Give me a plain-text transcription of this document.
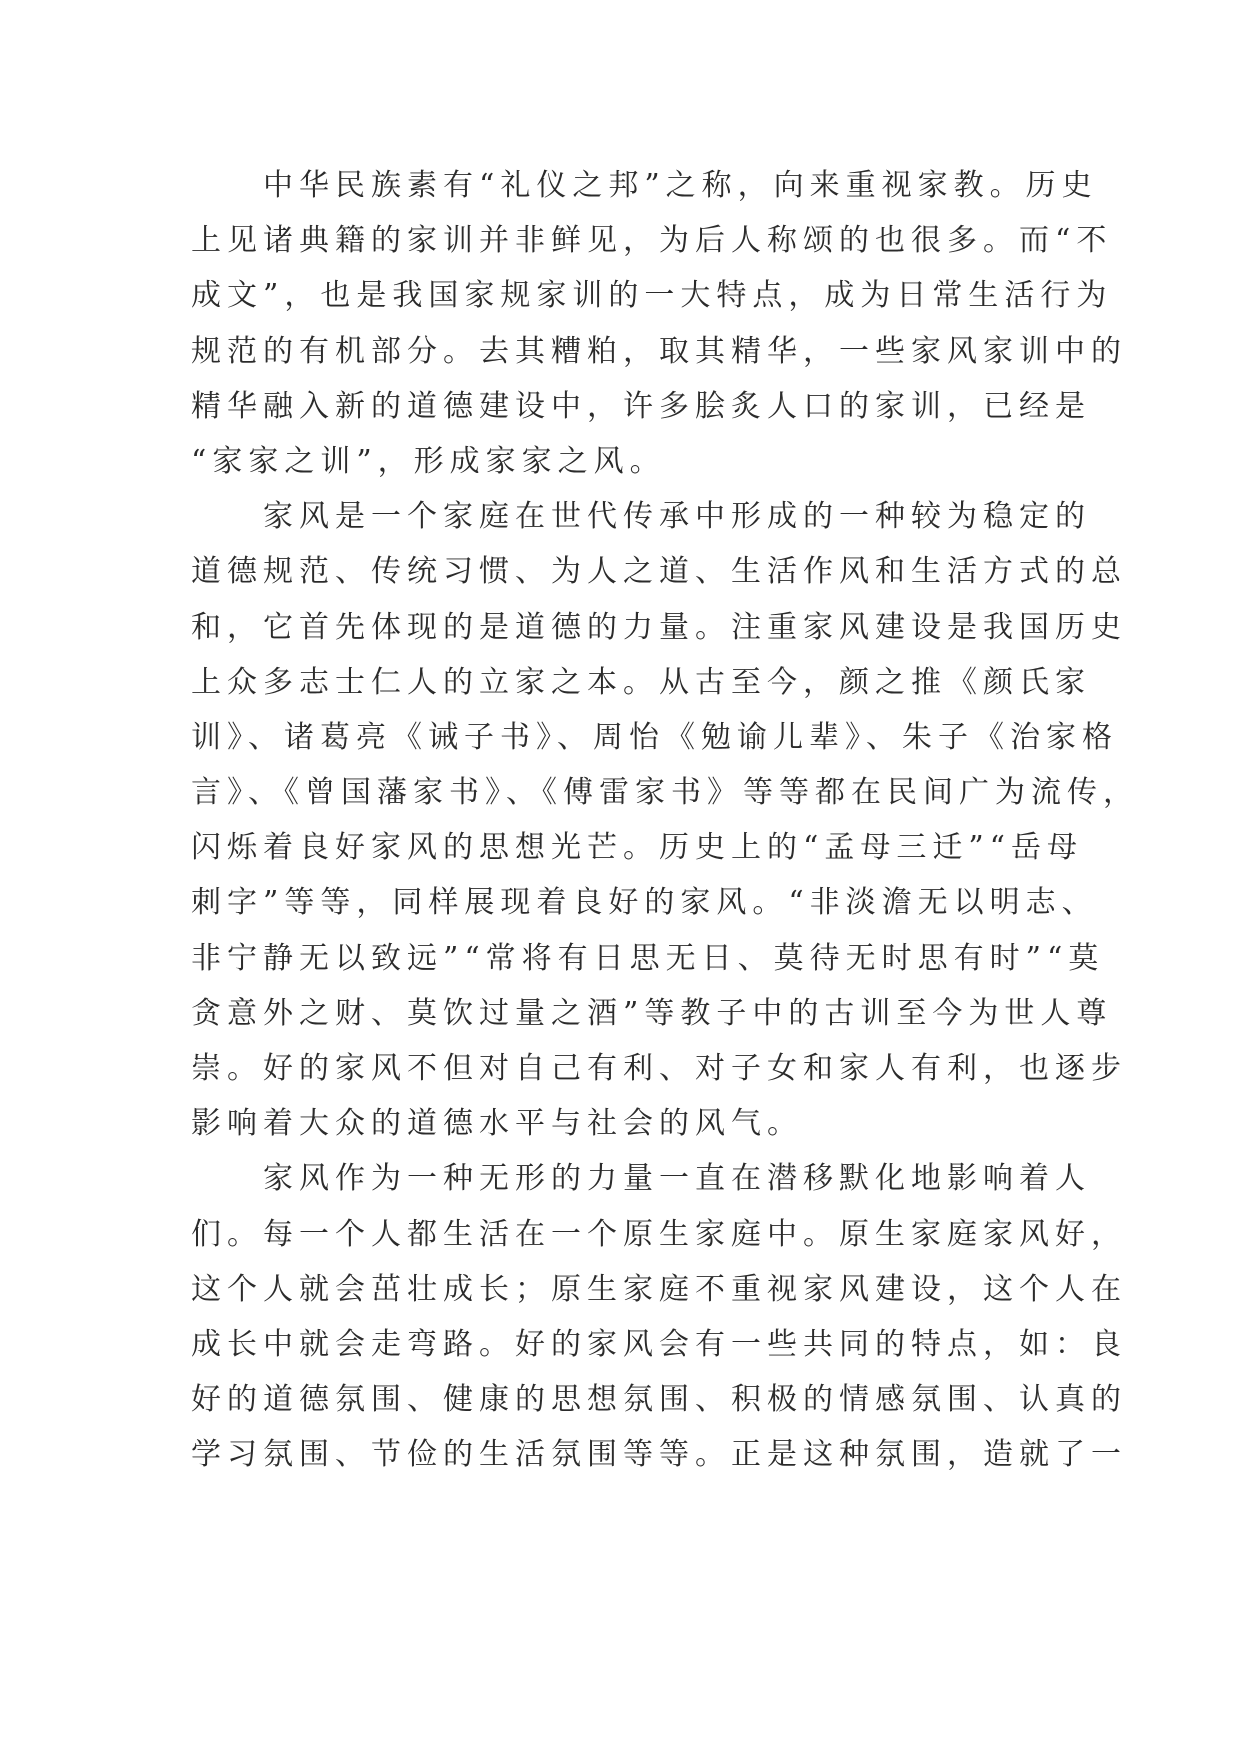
中华民族素有“礼仪之邦”之称，向来重视家教。历史
上见诸典籍的家训并非鲜见，为后人称颂的也很多。而“不
成文”，也是我国家规家训的一大特点，成为日常生活行为
规范的有机部分。去其糟粕，取其精华，一些家风家训中的
精华融入新的道德建设中，许多脍炙人口的家训，已经是
“家家之训”，形成家家之风。
家风是一个家庭在世代传承中形成的一种较为稳定的
道德规范、传统习惯、为人之道、生活作风和生活方式的总
和，它首先体现的是道德的力量。注重家风建设是我国历史
上众多志士仁人的立家之本。从古至今，颜之推《颜氏家
训》、诸葛亮《诫子书》、周怡《勉谕儿辈》、朱子《治家格
言》、《曾国藩家书》、《傅雷家书》等等都在民间广为流传，
闪烁着良好家风的思想光芒。历史上的“孟母三迁”“岳母
刺字”等等，同样展现着良好的家风。“非淡澹无以明志、
非宁静无以致远”“常将有日思无日、莫待无时思有时”“莫
贪意外之财、莫饮过量之酒”等教子中的古训至今为世人尊
崇。好的家风不但对自己有利、对子女和家人有利，也逐步
影响着大众的道德水平与社会的风气。
家风作为一种无形的力量一直在潜移默化地影响着人
们。每一个人都生活在一个原生家庭中。原生家庭家风好，
这个人就会茁壮成长；原生家庭不重视家风建设，这个人在
成长中就会走弯路。好的家风会有一些共同的特点，如：良
好的道德氛围、健康的思想氛围、积极的情感氛围、认真的
学习氛围、节俭的生活氛围等等。正是这种氛围，造就了一
